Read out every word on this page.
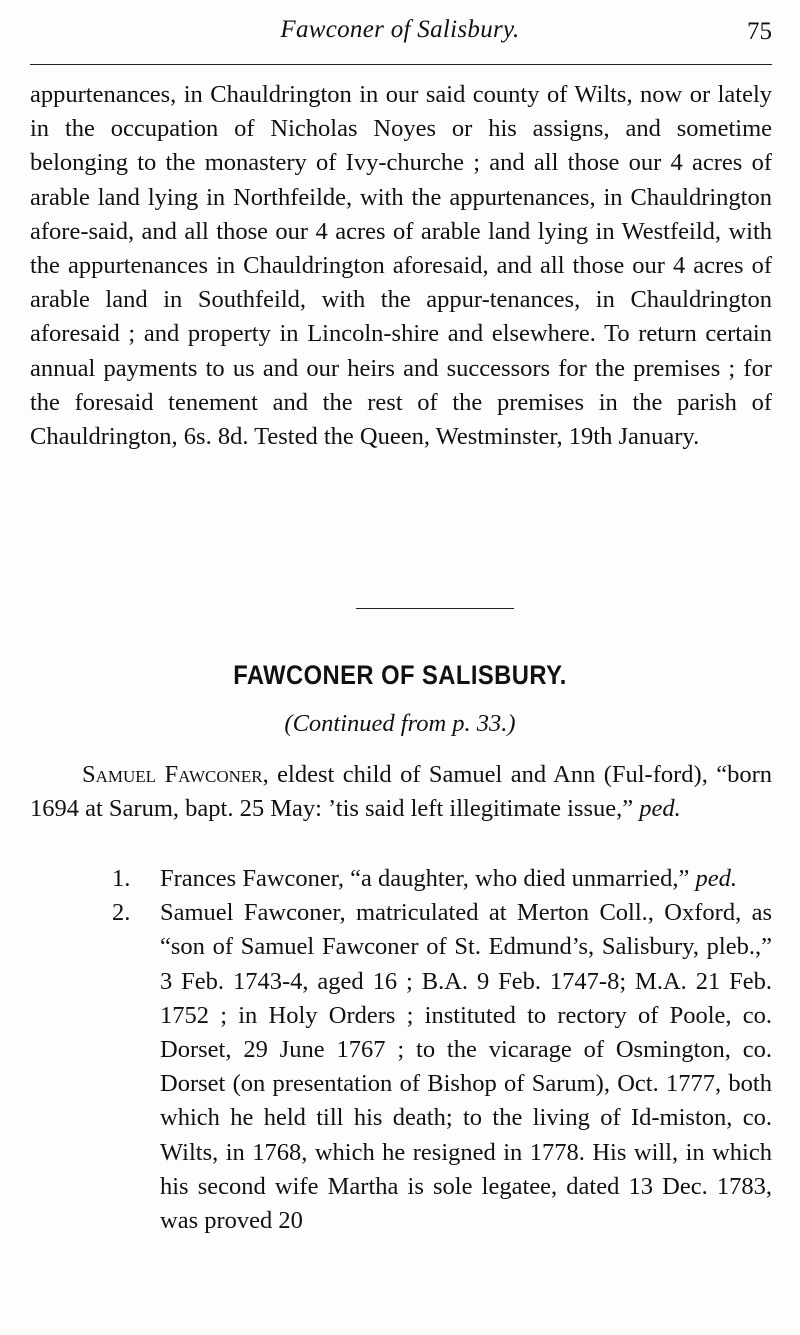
Fawconer of Salisbury.	75

appurtenances, in Chauldrington in our said county of Wilts, now or lately in the occupation of Nicholas Noyes or his assigns, and sometime belonging to the monastery of Ivy-churche ; and all those our 4 acres of arable land lying in Northfeilde, with the appurtenances, in Chauldrington afore-said, and all those our 4 acres of arable land lying in Westfeild, with the appurtenances in Chauldrington aforesaid, and all those our 4 acres of arable land in Southfeild, with the appur-tenances, in Chauldrington aforesaid ; and property in Lincoln-shire and elsewhere. To return certain annual payments to us and our heirs and successors for the premises ; for the foresaid tenement and the rest of the premises in the parish of Chauldrington, 6s. 8d. Tested the Queen, Westminster, 19th January.

FAWCONER OF SALISBURY.
(Continued from p. 33.)

Samuel Fawconer, eldest child of Samuel and Ann (Ful-ford), “born 1694 at Sarum, bapt. 25 May: ’tis said left illegitimate issue,” ped.

1. Frances Fawconer, “a daughter, who died unmarried,” ped.
2. Samuel Fawconer, matriculated at Merton Coll., Oxford, as “son of Samuel Fawconer of St. Edmund’s, Salisbury, pleb.,” 3 Feb. 1743-4, aged 16 ; B.A. 9 Feb. 1747-8; M.A. 21 Feb. 1752 ; in Holy Orders ; instituted to rectory of Poole, co. Dorset, 29 June 1767 ; to the vicarage of Osmington, co. Dorset (on presentation of Bishop of Sarum), Oct. 1777, both which he held till his death; to the living of Id-miston, co. Wilts, in 1768, which he resigned in 1778. His will, in which his second wife Martha is sole legatee, dated 13 Dec. 1783, was proved 20
